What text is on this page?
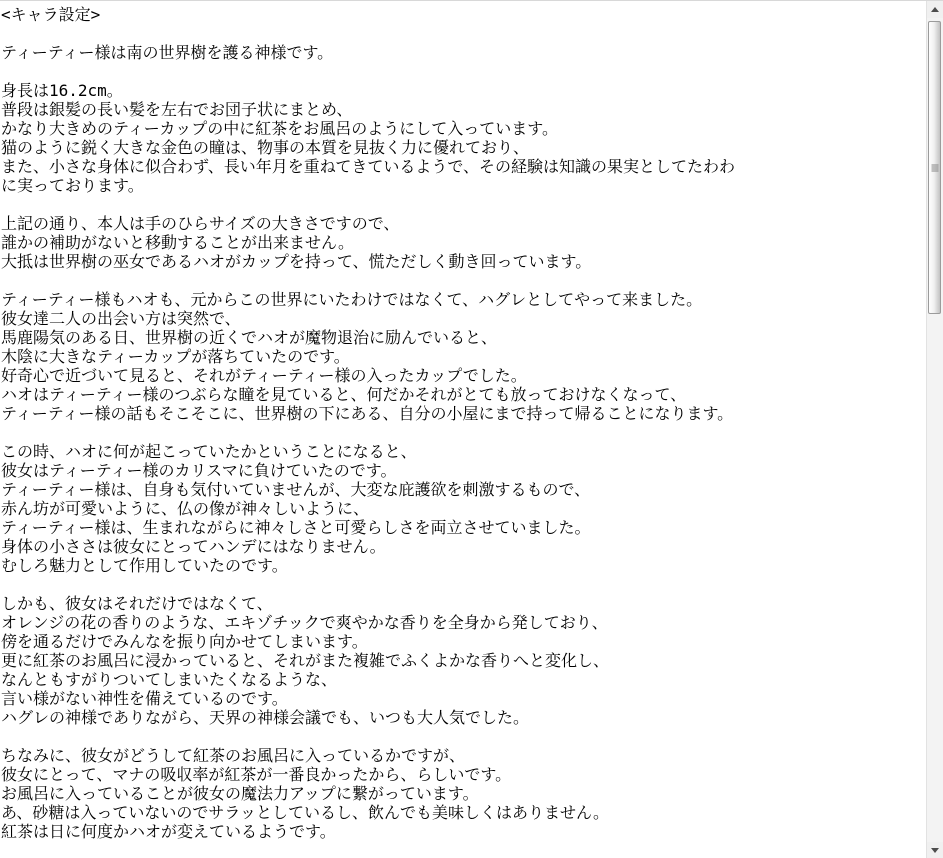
<キャラ設定>
ティーティー様は南の世界樹を護る神様です。
身長は16.2cm。
普段は銀髪の長い髪を左右でお団子状にまとめ、
かなり大きめのティーカップの中に紅茶をお風呂のようにして入っています。
猫のように鋭く大きな金色の瞳は、物事の本質を見抜く力に優れており、
また、小さな身体に似合わず、長い年月を重ねてきているようで、その経験は知識の果実としてたわわ
に実っております。
上記の通り、本人は手のひらサイズの大きさですので、
誰かの補助がないと移動することが出来ません。
大抵は世界樹の巫女であるハオがカップを持って、慌ただしく動き回っています。
ティーティー様もハオも、元からこの世界にいたわけではなくて、ハグレとしてやって来ました。
彼女達二人の出会い方は突然で、
馬鹿陽気のある日、世界樹の近くでハオが魔物退治に励んでいると、
木陰に大きなティーカップが落ちていたのです。
好奇心で近づいて見ると、それがティーティー様の入ったカップでした。
ハオはティーティー様のつぶらな瞳を見ていると、何だかそれがとても放っておけなくなって、
ティーティー様の話もそこそこに、世界樹の下にある、自分の小屋にまで持って帰ることになります。
この時、ハオに何が起こっていたかということになると、
彼女はティーティー様のカリスマに負けていたのです。
ティーティー様は、自身も気付いていませんが、大変な庇護欲を刺激するもので、
赤ん坊が可愛いように、仏の像が神々しいように、
ティーティー様は、生まれながらに神々しさと可愛らしさを両立させていました。
身体の小ささは彼女にとってハンデにはなりません。
むしろ魅力として作用していたのです。
しかも、彼女はそれだけではなくて、
オレンジの花の香りのような、エキゾチックで爽やかな香りを全身から発しており、
傍を通るだけでみんなを振り向かせてしまいます。
更に紅茶のお風呂に浸かっていると、それがまた複雑でふくよかな香りへと変化し、
なんともすがりついてしまいたくなるような、
言い様がない神性を備えているのです。
ハグレの神様でありながら、天界の神様会議でも、いつも大人気でした。
ちなみに、彼女がどうして紅茶のお風呂に入っているかですが、
彼女にとって、マナの吸収率が紅茶が一番良かったから、らしいです。
お風呂に入っていることが彼女の魔法力アップに繋がっています。
あ、砂糖は入っていないのでサラッとしているし、飲んでも美味しくはありません。
紅茶は日に何度かハオが変えているようです。
